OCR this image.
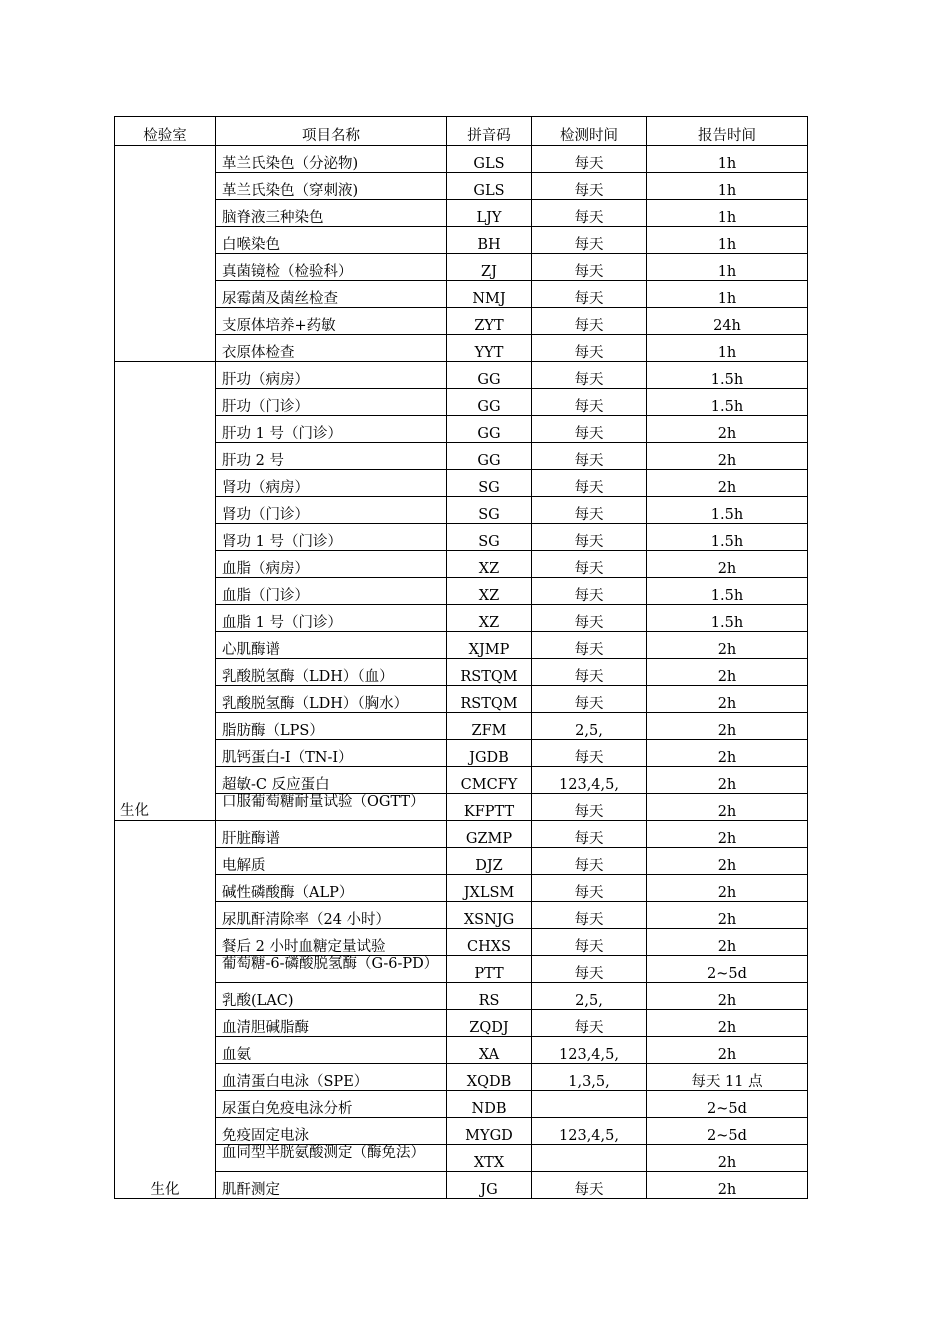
检验室	项目名称	拼音码	检测时间	报告时间
	革兰氏染色（分泌物)	GLS	每天	1h
	革兰氏染色（穿刺液)	GLS	每天	1h
	脑脊液三种染色	LJY	每天	1h
	白喉染色	BH	每天	1h
	真菌镜检（检验科）	ZJ	每天	1h
	尿霉菌及菌丝检查	NMJ	每天	1h
	支原体培养+药敏	ZYT	每天	24h
	衣原体检查	YYT	每天	1h

生化	肝功（病房）	GG	每天	1.5h
	肝功（门诊）	GG	每天	1.5h
	肝功 1 号（门诊）	GG	每天	2h
	肝功 2 号	GG	每天	2h
	肾功（病房）	SG	每天	2h
	肾功（门诊）	SG	每天	1.5h
	肾功 1 号（门诊）	SG	每天	1.5h
	血脂（病房）	XZ	每天	2h
	血脂（门诊）	XZ	每天	1.5h
	血脂 1 号（门诊）	XZ	每天	1.5h
	心肌酶谱	XJMP	每天	2h
	乳酸脱氢酶（LDH）（血）	RSTQM	每天	2h
	乳酸脱氢酶（LDH）（胸水）	RSTQM	每天	2h
	脂肪酶（LPS）	ZFM	2,5,	2h
	肌钙蛋白-I（TN-I）	JGDB	每天	2h
	超敏-C 反应蛋白	CMCFY	123,4,5,	2h

	口服葡萄糖耐量试验（OGTT）	KFPTT	每天	2h

生化	肝脏酶谱	GZMP	每天	2h
	电解质	DJZ	每天	2h
	碱性磷酸酶（ALP）	JXLSM	每天	2h
	尿肌酐清除率（24 小时）	XSNJG	每天	2h
	餐后 2 小时血糖定量试验	CHXS	每天	2h

	葡萄糖-6-磷酸脱氢酶（G-6-PD）	PTT	每天	2~5d
	乳酸(LAC)	RS	2,5,	2h
	血清胆碱脂酶	ZQDJ	每天	2h
	血氨	XA	123,4,5,	2h
	血清蛋白电泳（SPE）	XQDB	1,3,5,	每天 11 点
	尿蛋白免疫电泳分析	NDB		2~5d
	免疫固定电泳	MYGD	123,4,5,	2~5d

	血同型半胱氨酸测定（酶免法）	XTX		2h
	肌酐测定	JG	每天	2h
